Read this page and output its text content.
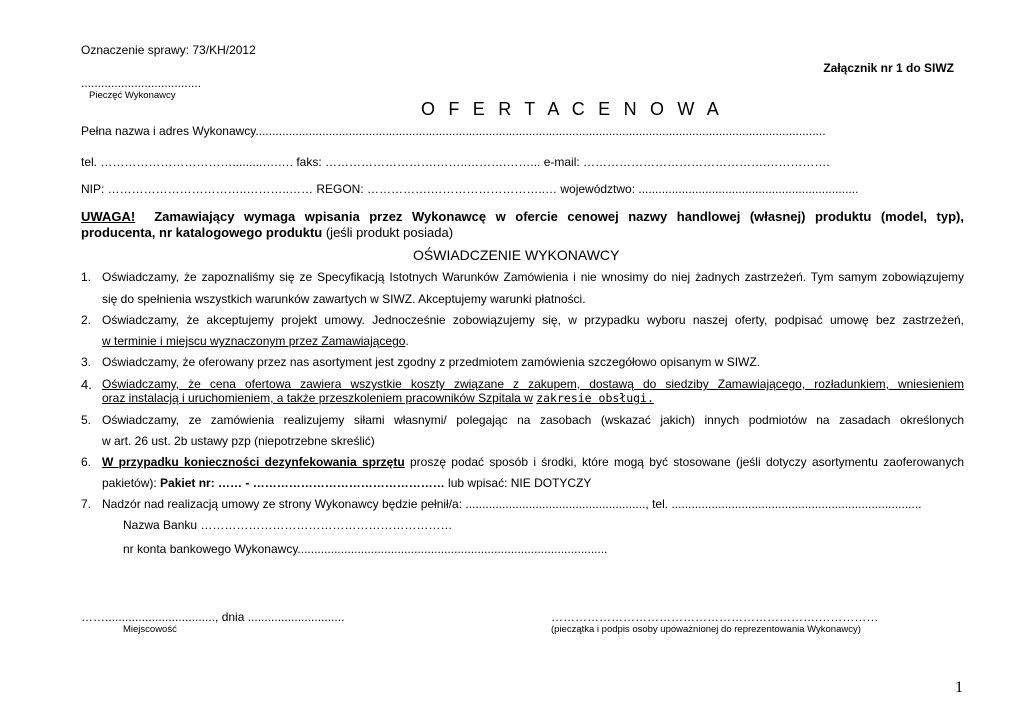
Oznaczenie sprawy: 73/KH/2012
Załącznik nr 1 do SIWZ
....................................
Pieczęć Wykonawcy
O F E R T A C E N O W A
Pełna nazwa i adres Wykonawcy...........................................................................................................................................................................
tel. …………………………….........….…. faks: ……………………….……..……….……... e-mail: ……………………………………….…………….
NIP: ……………………………..………..…… REGON: …………….………………………..… województwo: ..................................................................
UWAGA! Zamawiający wymaga wpisania przez Wykonawcę w ofercie cenowej nazwy handlowej (własnej) produktu (model, typ),
producenta, nr katalogowego produktu (jeśli produkt posiada)
OŚWIADCZENIE WYKONAWCY
1. Oświadczamy, że zapoznaliśmy się ze Specyfikacją Istotnych Warunków Zamówienia i nie wnosimy do niej żadnych zastrzeżeń. Tym samym zobowiązujemy
się do spełnienia wszystkich warunków zawartych w SIWZ. Akceptujemy warunki płatności.
2. Oświadczamy, że akceptujemy projekt umowy. Jednocześnie zobowiązujemy się, w przypadku wyboru naszej oferty, podpisać umowę bez zastrzeżeń,
w terminie i miejscu wyznaczonym przez Zamawiającego.
3. Oświadczamy, że oferowany przez nas asortyment jest zgodny z przedmiotem zamówienia szczegółowo opisanym w SIWZ.
4. Oświadczamy, że cena ofertowa zawiera wszystkie koszty związane z zakupem, dostawą do siedziby Zamawiającego, rozładunkiem, wniesieniem
oraz instalacją i uruchomieniem, a także przeszkoleniem pracowników Szpitala w zakresie obsługi.
5. Oświadczamy, ze zamówienia realizujemy siłami własnymi/ polegając na zasobach (wskazać jakich) innych podmiotów na zasadach określonych
w art. 26 ust. 2b ustawy pzp (niepotrzebne skreślić)
6. W przypadku konieczności dezynfekowania sprzętu proszę podać sposób i środki, które mogą być stosowane (jeśli dotyczy asortymentu zaoferowanych
pakietów): Pakiet nr: …… - ………………………………………… lub wpisać: NIE DOTYCZY
7. Nadzór nad realizacją umowy ze strony Wykonawcy będzie pełnił/a: ......................................................, tel. ...........................................................................
Nazwa Banku ………………………………………………………
nr konta bankowego Wykonawcy.............................................................................................
……................................., dnia .............................
Miejscowość
………………………………………………………….……………
(pieczątka i podpis osoby upoważnionej do reprezentowania Wykonawcy)
1
